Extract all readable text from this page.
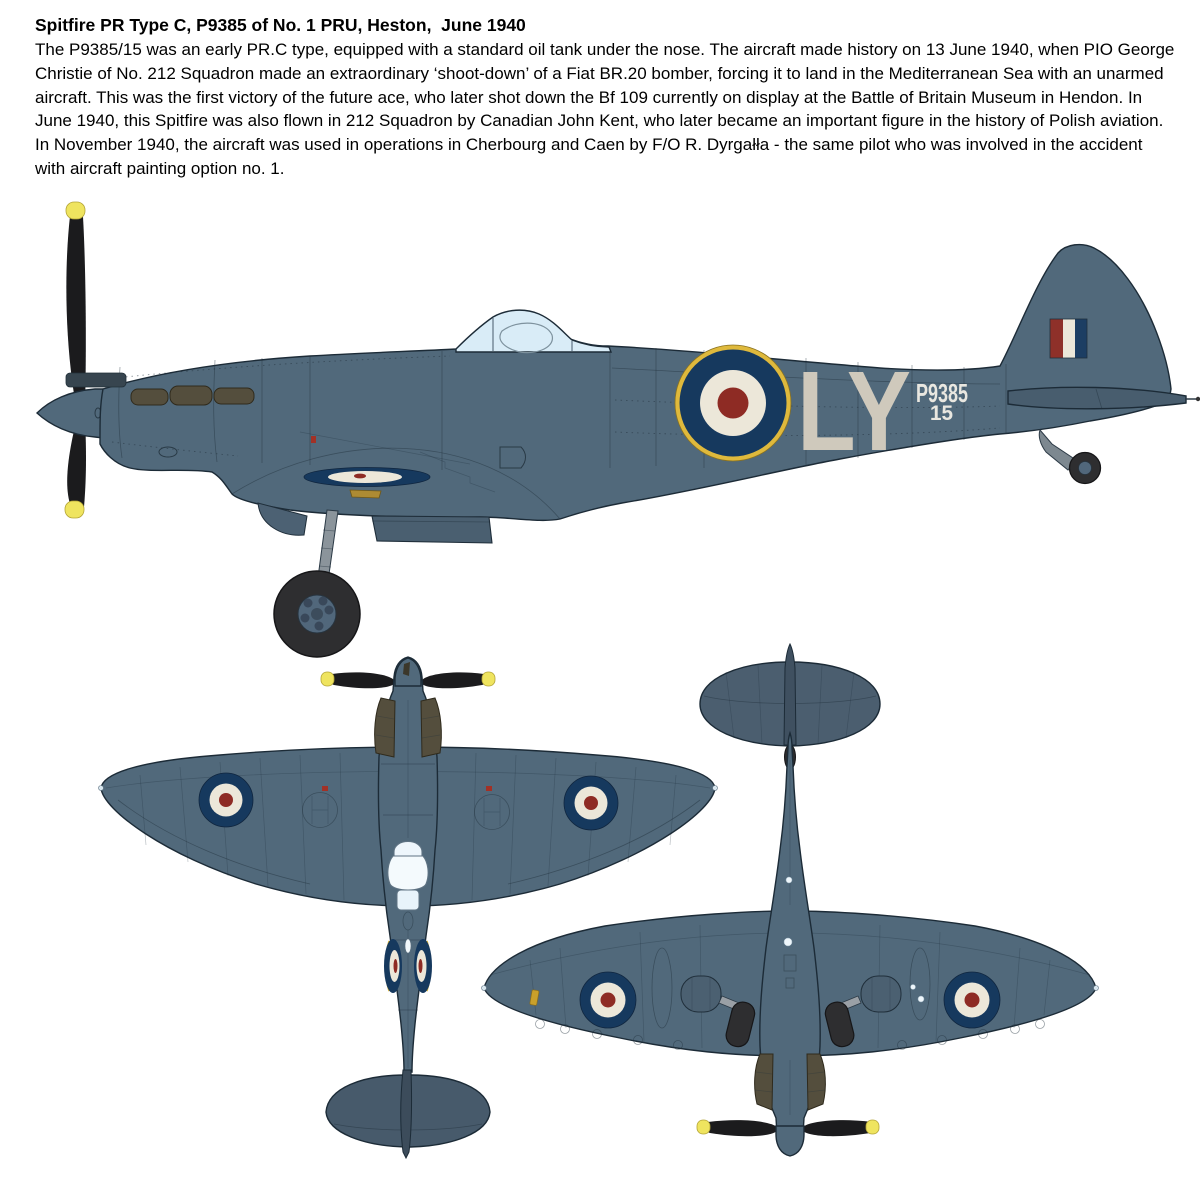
Spitfire PR Type C, P9385 of No. 1 PRU, Heston,  June 1940

The P9385/15 was an early PR.C type, equipped with a standard oil tank under the nose. The aircraft made history on 13 June 1940, when PIO George Christie of No. 212 Squadron made an extraordinary ‘shoot-down’ of a Fiat BR.20 bomber, forcing it to land in the Mediterranean Sea with an unarmed aircraft. This was the first victory of the future ace, who later shot down the Bf 109 currently on display at the Battle of Britain Museum in Hendon. In June 1940, this Spitfire was also flown in 212 Squadron by Canadian John Kent, who later became an important figure in the history of Polish aviation. In November 1940, the aircraft was used in operations in Cherbourg and Caen by F/O R. Dyrgałła - the same pilot who was involved in the accident with aircraft painting option no. 1.

LY P9385
15
